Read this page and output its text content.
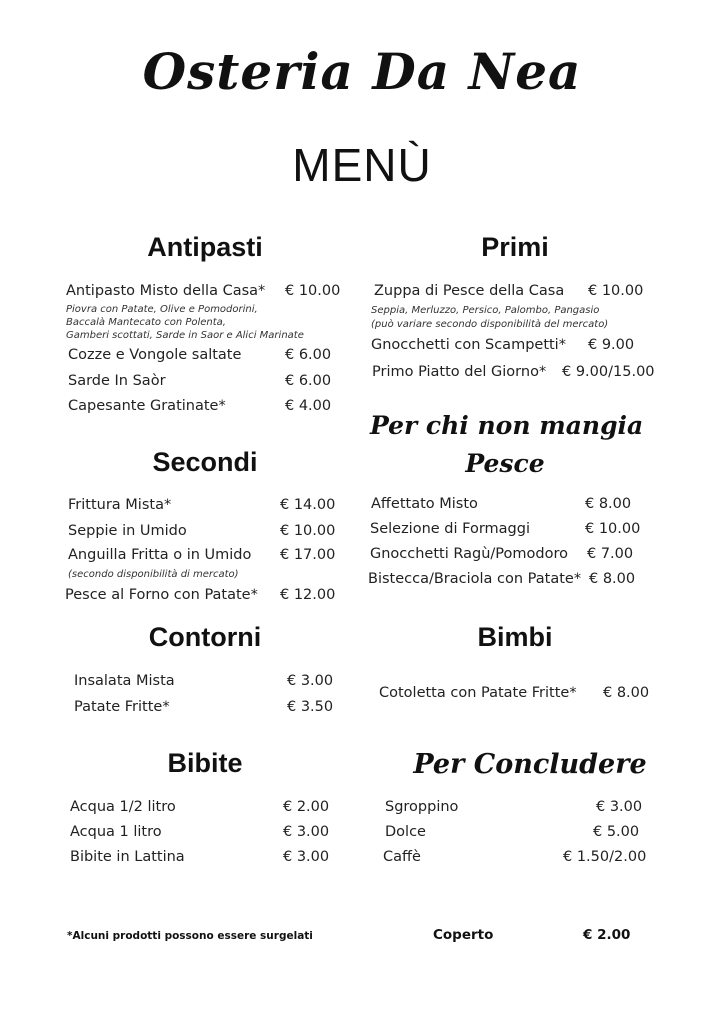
Osteria Da Nea
MENÙ
Antipasti
Antipasto Misto della Casa* € 10.00
Piovra con Patate, Olive e Pomodorini,
Baccalà Mantecato con Polenta,
Gamberi scottati, Sarde in Saor e Alici Marinate
Cozze e Vongole saltate	€ 6.00
Sarde In Saòr	€ 6.00
Capesante Gratinate*	€ 4.00
Primi
Zuppa di Pesce della Casa € 10.00
Seppia, Merluzzo, Persico, Palombo, Pangasio
(può variare secondo disponibilità del mercato)
Gnocchetti con Scampetti* € 9.00
Primo Piatto del Giorno* € 9.00/15.00
Secondi
Frittura Mista*	€ 14.00
Seppie in Umido	€ 10.00
Anguilla Fritta o in Umido € 17.00
(secondo disponibilità di mercato)
Pesce al Forno con Patate* € 12.00
Per chi non mangia
Pesce
Affettato Misto	€ 8.00
Selezione di Formaggi	€ 10.00
Gnocchetti Ragù/Pomodoro € 7.00
Bistecca/Braciola con Patate* € 8.00
Contorni
Insalata Mista	€ 3.00
Patate Fritte*	€ 3.50
Bimbi
Cotoletta con Patate Fritte* € 8.00
Bibite
Acqua 1/2 litro	€ 2.00
Acqua 1 litro	€ 3.00
Bibite in Lattina	€ 3.00
Per Concludere
Sgroppino	€ 3.00
Dolce	€ 5.00
Caffè	€ 1.50/2.00
*Alcuni prodotti possono essere surgelati	Coperto	€ 2.00
